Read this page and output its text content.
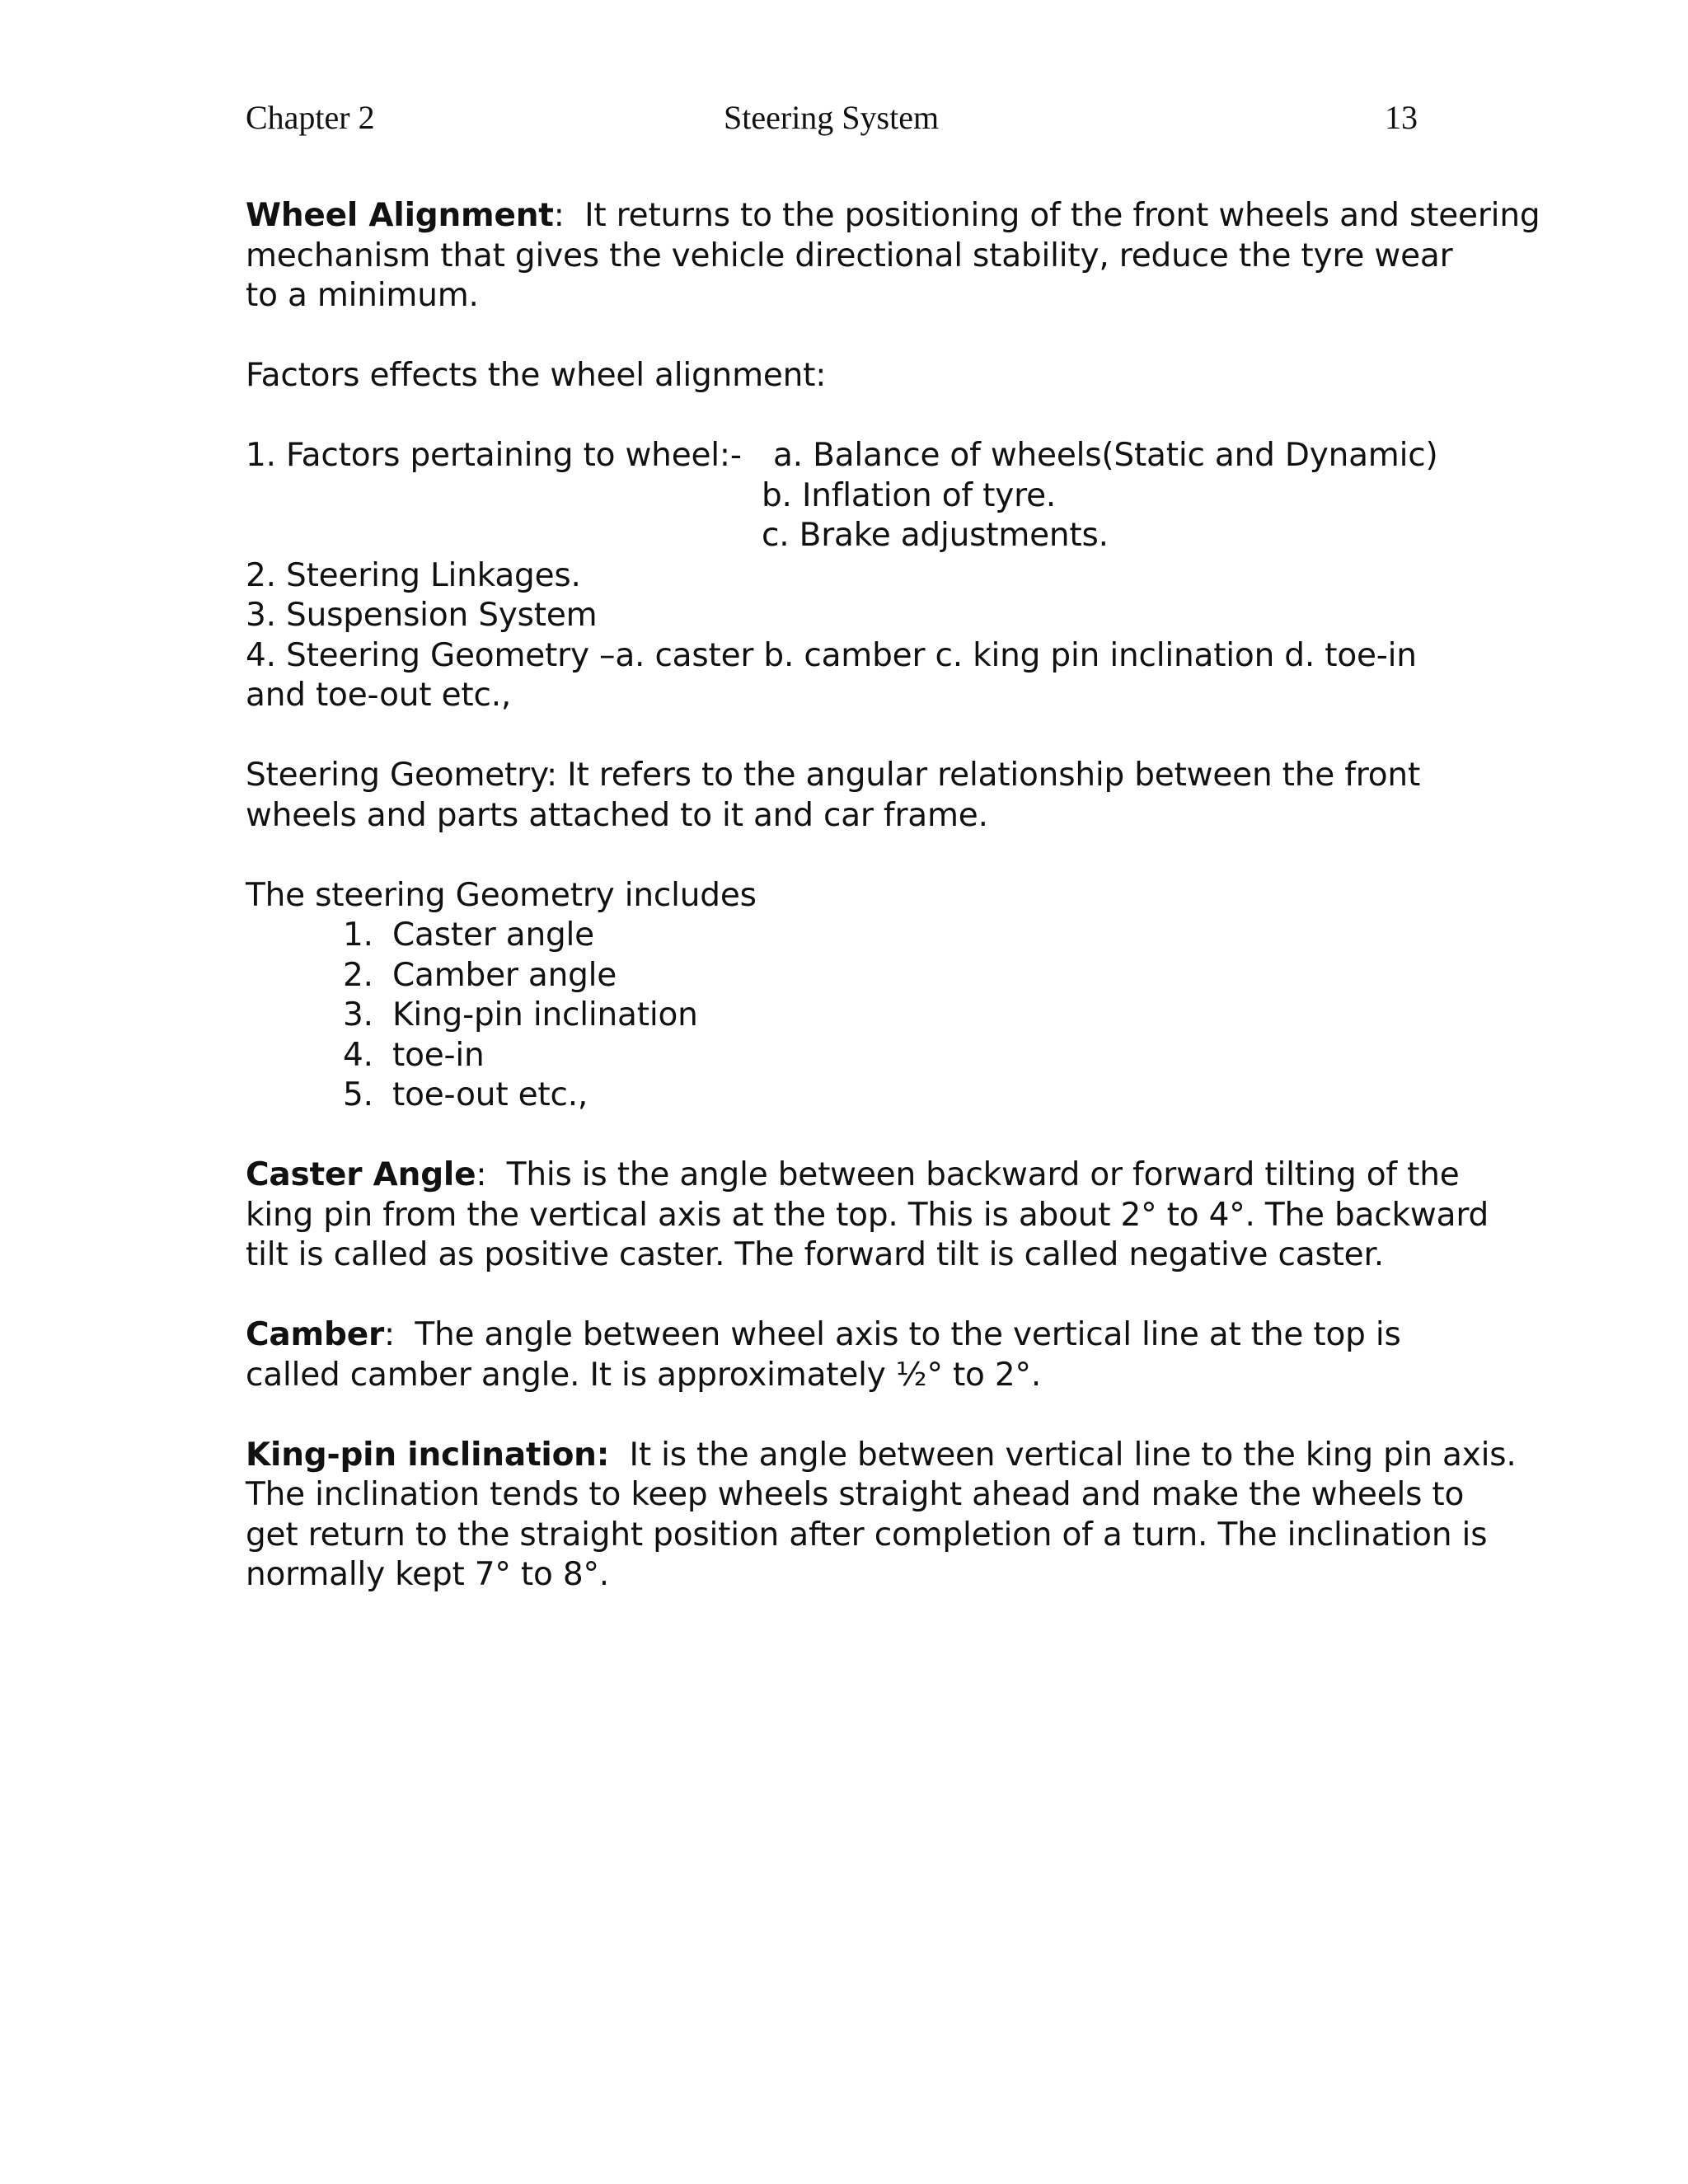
Chapter 2	Steering System	13
Wheel Alignment:  It returns to the positioning of the front wheels and steering
mechanism that gives the vehicle directional stability, reduce the tyre wear
to a minimum.
Factors effects the wheel alignment:
1. Factors pertaining to wheel:- a. Balance of wheels(Static and Dynamic)
b. Inflation of tyre.
c. Brake adjustments.
2. Steering Linkages.
3. Suspension System
4. Steering Geometry –a. caster b. camber c. king pin inclination d. toe-in
and toe-out etc.,
Steering Geometry: It refers to the angular relationship between the front
wheels and parts attached to it and car frame.
The steering Geometry includes
1. Caster angle
2. Camber angle
3. King-pin inclination
4. toe-in
5. toe-out etc.,
Caster Angle:  This is the angle between backward or forward tilting of the
king pin from the vertical axis at the top. This is about 2° to 4°. The backward
tilt is called as positive caster. The forward tilt is called negative caster.
Camber:  The angle between wheel axis to the vertical line at the top is
called camber angle. It is approximately ½° to 2°.
King-pin inclination:  It is the angle between vertical line to the king pin axis.
The inclination tends to keep wheels straight ahead and make the wheels to
get return to the straight position after completion of a turn. The inclination is
normally kept 7° to 8°.
